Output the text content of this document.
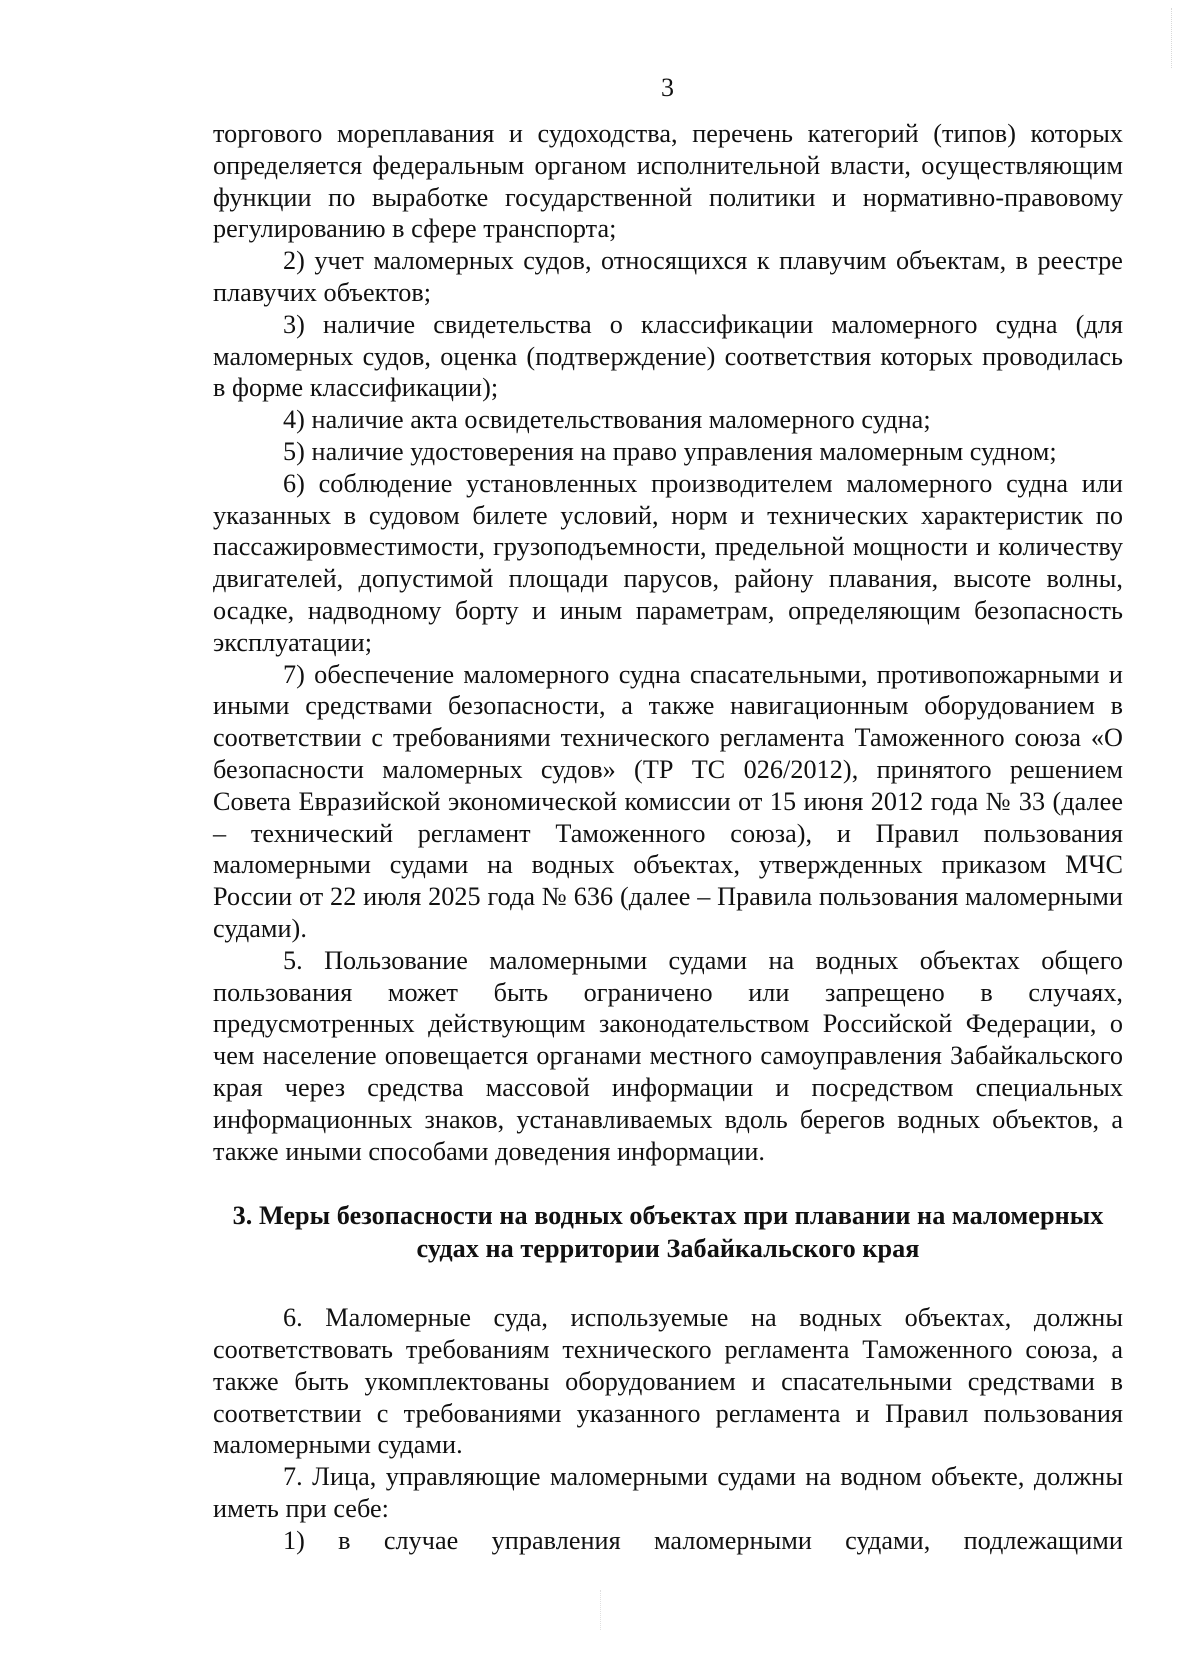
3

торгового мореплавания и судоходства, перечень категорий (типов) которых определяется федеральным органом исполнительной власти, осуществляющим функции по выработке государственной политики и нормативно-правовому регулированию в сфере транспорта;

2) учет маломерных судов, относящихся к плавучим объектам, в реестре плавучих объектов;

3) наличие свидетельства о классификации маломерного судна (для маломерных судов, оценка (подтверждение) соответствия которых проводилась в форме классификации);

4) наличие акта освидетельствования маломерного судна;

5) наличие удостоверения на право управления маломерным судном;

6) соблюдение установленных производителем маломерного судна или указанных в судовом билете условий, норм и технических характеристик по пассажировместимости, грузоподъемности, предельной мощности и количеству двигателей, допустимой площади парусов, району плавания, высоте волны, осадке, надводному борту и иным параметрам, определяющим безопасность эксплуатации;

7) обеспечение маломерного судна спасательными, противопожарными и иными средствами безопасности, а также навигационным оборудованием в соответствии с требованиями технического регламента Таможенного союза «О безопасности маломерных судов» (ТР ТС 026/2012), принятого решением Совета Евразийской экономической комиссии от 15 июня 2012 года № 33 (далее – технический регламент Таможенного союза), и Правил пользования маломерными судами на водных объектах, утвержденных приказом МЧС России от 22 июля 2025 года № 636 (далее – Правила пользования маломерными судами).

5. Пользование маломерными судами на водных объектах общего пользования может быть ограничено или запрещено в случаях, предусмотренных действующим законодательством Российской Федерации, о чем население оповещается органами местного самоуправления Забайкальского края через средства массовой информации и посредством специальных информационных знаков, устанавливаемых вдоль берегов водных объектов, а также иными способами доведения информации.

3. Меры безопасности на водных объектах при плавании на маломерных судах на территории Забайкальского края

6. Маломерные суда, используемые на водных объектах, должны соответствовать требованиям технического регламента Таможенного союза, а также быть укомплектованы оборудованием и спасательными средствами в соответствии с требованиями указанного регламента и Правил пользования маломерными судами.

7. Лица, управляющие маломерными судами на водном объекте, должны иметь при себе:

1) в случае управления маломерными судами, подлежащими
